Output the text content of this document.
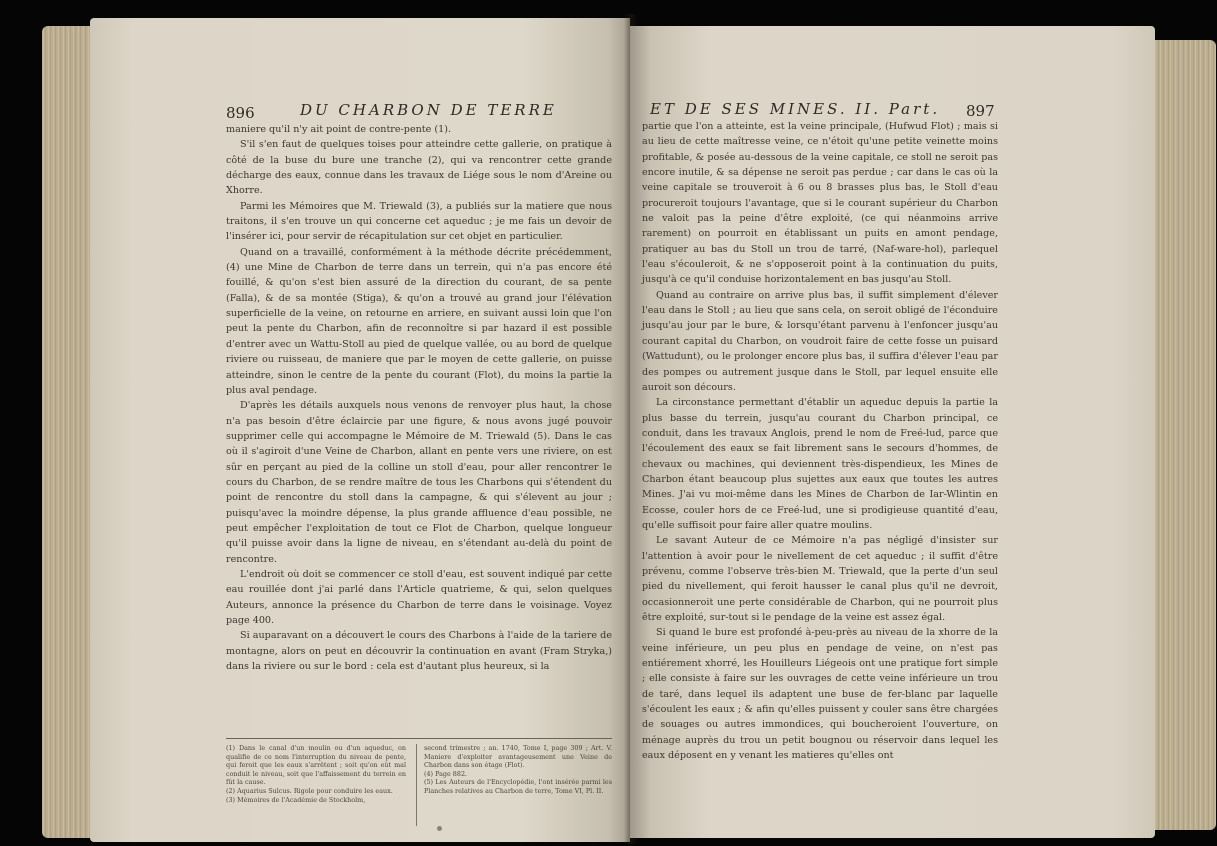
896	DU CHARBON DE TERRE

maniere qu'il n'y ait point de contre-pente (1).

S'il s'en faut de quelques toises pour atteindre cette gallerie, on pratique à côté de la buse du bure une tranche (2), qui va rencontrer cette grande décharge des eaux, connue dans les travaux de Liége sous le nom d'Areine ou Xhorre.

Parmi les Mémoires que M. Triewald (3), a publiés sur la matiere que nous traitons, il s'en trouve un qui concerne cet aqueduc ; je me fais un devoir de l'insérer ici, pour servir de récapitulation sur cet objet en particulier.

Quand on a travaillé, conformément à la méthode décrite précédemment, (4) une Mine de Charbon de terre dans un terrein, qui n'a pas encore été fouillé, & qu'on s'est bien assuré de la direction du courant, de sa pente (Falla), & de sa montée (Stiga), & qu'on a trouvé au grand jour l'élévation superficielle de la veine, on retourne en arriere, en suivant aussi loin que l'on peut la pente du Charbon, afin de reconnoître si par hazard il est possible d'entrer avec un Wattu-Stoll au pied de quelque vallée, ou au bord de quelque riviere ou ruisseau, de maniere que par le moyen de cette gallerie, on puisse atteindre, sinon le centre de la pente du courant (Flot), du moins la partie la plus aval pendage.

D'après les détails auxquels nous venons de renvoyer plus haut, la chose n'a pas besoin d'être éclaircie par une figure, & nous avons jugé pouvoir supprimer celle qui accompagne le Mémoire de M. Triewald (5). Dans le cas où il s'agiroit d'une Veine de Charbon, allant en pente vers une riviere, on est sûr en perçant au pied de la colline un stoll d'eau, pour aller rencontrer le cours du Charbon, de se rendre maître de tous les Charbons qui s'étendent du point de rencontre du stoll dans la campagne, & qui s'élevent au jour ; puisqu'avec la moindre dépense, la plus grande affluence d'eau possible, ne peut empêcher l'exploitation de tout ce Flot de Charbon, quelque longueur qu'il puisse avoir dans la ligne de niveau, en s'étendant au-delà du point de rencontre.

L'endroit où doit se commencer ce stoll d'eau, est souvent indiqué par cette eau rouillée dont j'ai parlé dans l'Article quatrieme, & qui, selon quelques Auteurs, annonce la présence du Charbon de terre dans le voisinage. Voyez page 400.

Si auparavant on a découvert le cours des Charbons à l'aide de la tariere de montagne, alors on peut en découvrir la continuation en avant (Fram Stryka,) dans la riviere ou sur le bord : cela est d'autant plus heureux, si la

(1) Dans le canal d'un moulin ou d'un aqueduc, on qualifie de ce nom l'interruption du niveau de pente, qui feroit que les eaux s'arrêtent ; soit qu'on eût mal conduit le niveau, soit que l'affaissement du terrein en fût la cause.
(2) Aquarius Sulcus. Rigole pour conduire les eaux.
(3) Mémoires de l'Académie de Stockholm,
second trimestre ; an. 1740, Tome I, page 309 ; Art. V. Maniere d'exploiter avantageusement une Veine de Charbon dans son étage (Flot).
(4) Page 882.
(5) Les Auteurs de l'Encyclopédie, l'ont insérée parmi les Planches relatives au Charbon de terre, Tome VI, Pl. II.
ET DE SES MINES. II. Part. 897

partie que l'on a atteinte, est la veine principale, (Hufwud Flot) ; mais si au lieu de cette maîtresse veine, ce n'étoit qu'une petite veinette moins profitable, & posée au-dessous de la veine capitale, ce stoll ne seroit pas encore inutile, & sa dépense ne seroit pas perdue ; car dans le cas où la veine capitale se trouveroit à 6 ou 8 brasses plus bas, le Stoll d'eau procureroit toujours l'avantage, que si le courant supérieur du Charbon ne valoit pas la peine d'être exploité, (ce qui néanmoins arrive rarement) on pourroit en établissant un puits en amont pendage, pratiquer au bas du Stoll un trou de tarré, (Naf-ware-hol), parlequel l'eau s'écouleroit, & ne s'opposeroit point à la continuation du puits, jusqu'à ce qu'il conduise horizontalement en bas jusqu'au Stoll.

Quand au contraire on arrive plus bas, il suffit simplement d'élever l'eau dans le Stoll ; au lieu que sans cela, on seroit obligé de l'éconduire jusqu'au jour par le bure, & lorsqu'étant parvenu à l'enfoncer jusqu'au courant capital du Charbon, on voudroit faire de cette fosse un puisard (Wattudunt), ou le prolonger encore plus bas, il suffira d'élever l'eau par des pompes ou autrement jusque dans le Stoll, par lequel ensuite elle auroit son décours.

La circonstance permettant d'établir un aqueduc depuis la partie la plus basse du terrein, jusqu'au courant du Charbon principal, ce conduit, dans les travaux Anglois, prend le nom de Freé-lud, parce que l'écoulement des eaux se fait librement sans le secours d'hommes, de chevaux ou machines, qui deviennent très-dispendieux, les Mines de Charbon étant beaucoup plus sujettes aux eaux que toutes les autres Mines. J'ai vu moi-même dans les Mines de Charbon de Iar-Wlintin en Ecosse, couler hors de ce Freé-lud, une si prodigieuse quantité d'eau, qu'elle suffisoit pour faire aller quatre moulins.

Le savant Auteur de ce Mémoire n'a pas négligé d'insister sur l'attention à avoir pour le nivellement de cet aqueduc ; il suffit d'être prévenu, comme l'observe très-bien M. Triewald, que la perte d'un seul pied du nivellement, qui feroit hausser le canal plus qu'il ne devroit, occasionneroit une perte considérable de Charbon, qui ne pourroit plus être exploité, sur-tout si le pendage de la veine est assez égal.

Si quand le bure est profondé à-peu-près au niveau de la xhorre de la veine inférieure, un peu plus en pendage de veine, on n'est pas entiérement xhorré, les Houilleurs Liégeois ont une pratique fort simple ; elle consiste à faire sur les ouvrages de cette veine inférieure un trou de taré, dans lequel ils adaptent une buse de fer-blanc par laquelle s'écoulent les eaux ; & afin qu'elles puissent y couler sans être chargées de souages ou autres immondices, qui boucheroient l'ouverture, on ménage auprès du trou un petit bougnou ou réservoir dans lequel les eaux déposent en y venant les matieres qu'elles ont
